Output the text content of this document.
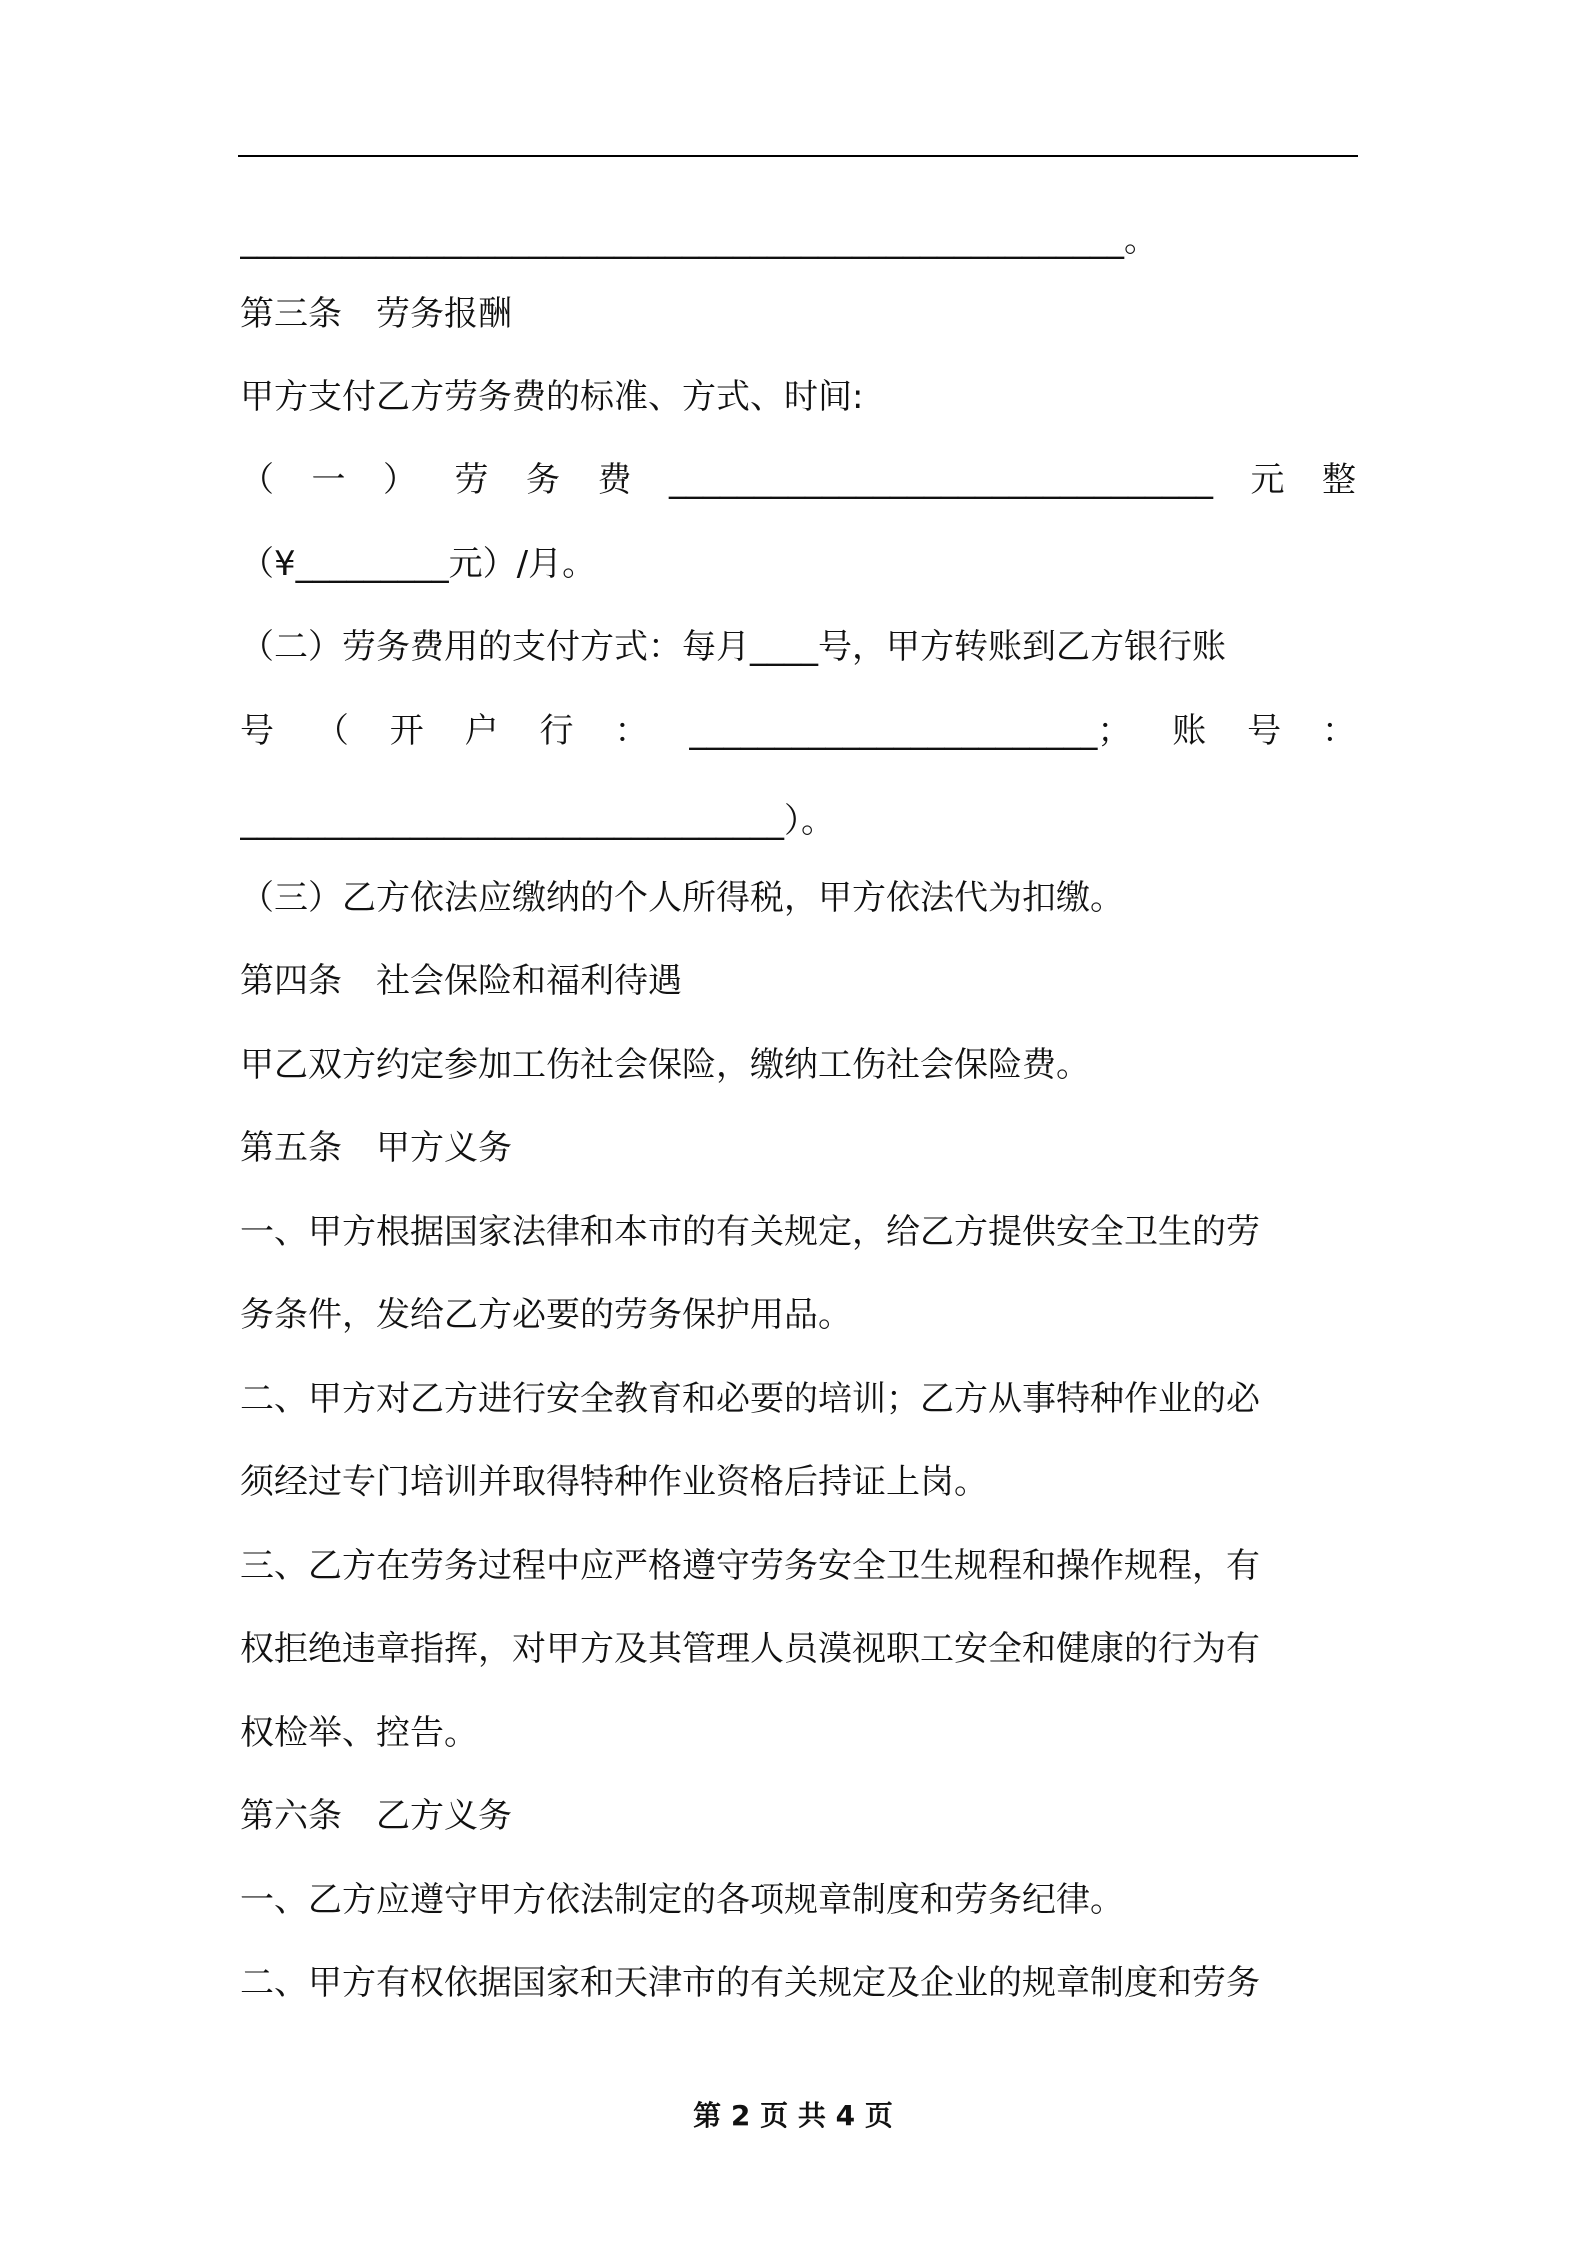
____________________________________________________。
第三条　劳务报酬
甲方支付乙方劳务费的标准、方式、时间:
（一）劳务费________________________________元整
（¥_________元）/月。
（二）劳务费用的支付方式：每月____号，甲方转账到乙方银行账
号（开户行：________________________；账号：
________________________________）。
（三）乙方依法应缴纳的个人所得税，甲方依法代为扣缴。
第四条　社会保险和福利待遇
甲乙双方约定参加工伤社会保险，缴纳工伤社会保险费。
第五条　甲方义务
一、甲方根据国家法律和本市的有关规定，给乙方提供安全卫生的劳
务条件，发给乙方必要的劳务保护用品。
二、甲方对乙方进行安全教育和必要的培训；乙方从事特种作业的必
须经过专门培训并取得特种作业资格后持证上岗。
三、乙方在劳务过程中应严格遵守劳务安全卫生规程和操作规程，有
权拒绝违章指挥，对甲方及其管理人员漠视职工安全和健康的行为有
权检举、控告。
第六条　乙方义务
一、乙方应遵守甲方依法制定的各项规章制度和劳务纪律。
二、甲方有权依据国家和天津市的有关规定及企业的规章制度和劳务
第 2 页 共 4 页
